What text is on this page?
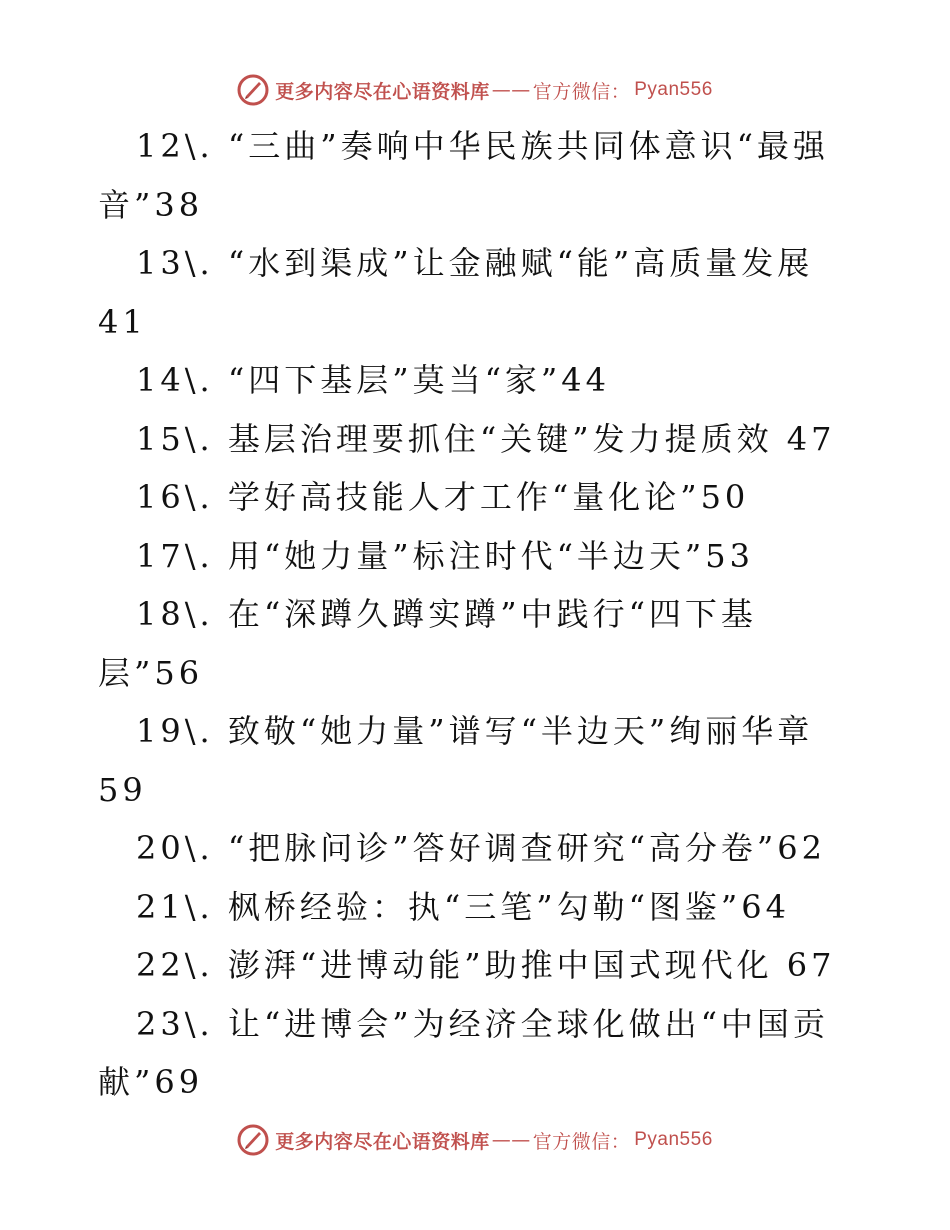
更多内容尽在心语资料库 —— 官方微信： Pyan556
12\. “三曲”奏响中华民族共同体意识“最强
音”38
13\. “水到渠成”让金融赋“能”高质量发展
41
14\. “四下基层”莫当“家”44
15\. 基层治理要抓住“关键”发力提质效 47
16\. 学好高技能人才工作“量化论”50
17\. 用“她力量”标注时代“半边天”53
18\. 在“深蹲久蹲实蹲”中践行“四下基
层”56
19\. 致敬“她力量”谱写“半边天”绚丽华章
59
20\. “把脉问诊”答好调查研究“高分卷”62
21\. 枫桥经验：执“三笔”勾勒“图鉴”64
22\. 澎湃“进博动能”助推中国式现代化 67
23\. 让“进博会”为经济全球化做出“中国贡
献”69
更多内容尽在心语资料库 —— 官方微信： Pyan556
